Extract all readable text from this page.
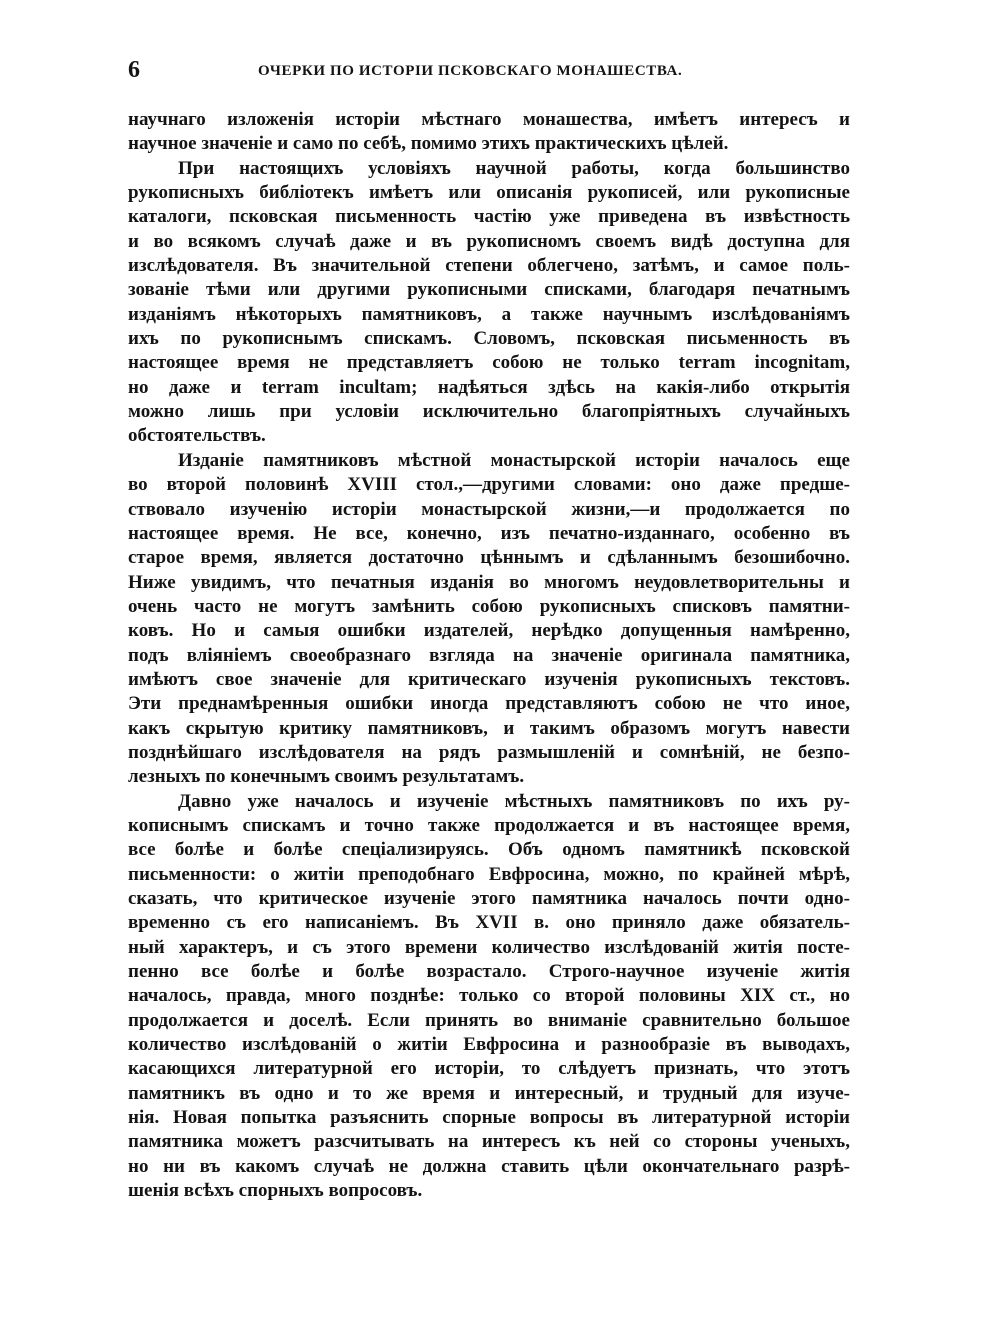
6	ОЧЕРКИ ПО ИСТОРІИ ПСКОВСКАГО МОНАШЕСТВА.

научнаго изложенія исторіи мѣстнаго монашества, имѣетъ интересъ и
научное значеніе и само по себѣ, помимо этихъ практическихъ цѣлей.

При настоящихъ условіяхъ научной работы, когда большинство
рукописныхъ библіотекъ имѣетъ или описанія рукописей, или рукописные
каталоги, псковская письменность частію уже приведена въ извѣстность
и во всякомъ случаѣ даже и въ рукописномъ своемъ видѣ доступна для
изслѣдователя. Въ значительной степени облегчено, затѣмъ, и самое поль-
зованіе тѣми или другими рукописными списками, благодаря печатнымъ
изданіямъ нѣкоторыхъ памятниковъ, а также научнымъ изслѣдованіямъ
ихъ по рукописнымъ спискамъ. Словомъ, псковская письменность въ
настоящее время не представляетъ собою не только terram incognitam,
но даже и terram incultam; надѣяться здѣсь на какія-либо открытія
можно лишь при условіи исключительно благопріятныхъ случайныхъ
обстоятельствъ.

Изданіе памятниковъ мѣстной монастырской исторіи началось еще
во второй половинѣ XVIII стол.,—другими словами: оно даже предше-
ствовало изученію исторіи монастырской жизни,—и продолжается по
настоящее время. Не все, конечно, изъ печатно-изданнаго, особенно въ
старое время, является достаточно цѣннымъ и сдѣланнымъ безошибочно.
Ниже увидимъ, что печатныя изданія во многомъ неудовлетворительны и
очень часто не могутъ замѣнить собою рукописныхъ списковъ памятни-
ковъ. Но и самыя ошибки издателей, нерѣдко допущенныя намѣренно,
подъ вліяніемъ своеобразнаго взгляда на значеніе оригинала памятника,
имѣютъ свое значеніе для критическаго изученія рукописныхъ текстовъ.
Эти преднамѣренныя ошибки иногда представляютъ собою не что иное,
какъ скрытую критику памятниковъ, и такимъ образомъ могутъ навести
позднѣйшаго изслѣдователя на рядъ размышленій и сомнѣній, не безпо-
лезныхъ по конечнымъ своимъ результатамъ.

Давно уже началось и изученіе мѣстныхъ памятниковъ по ихъ ру-
кописнымъ спискамъ и точно также продолжается и въ настоящее время,
все болѣе и болѣе спеціализируясь. Объ одномъ памятникѣ псковской
письменности: о житіи преподобнаго Евфросина, можно, по крайней мѣрѣ,
сказать, что критическое изученіе этого памятника началось почти одно-
временно съ его написаніемъ. Въ XVII в. оно приняло даже обязатель-
ный характеръ, и съ этого времени количество изслѣдованій житія посте-
пенно все болѣе и болѣе возрастало. Строго-научное изученіе житія
началось, правда, много позднѣе: только со второй половины XIX ст., но
продолжается и доселѣ. Если принять во вниманіе сравнительно большое
количество изслѣдованій о житіи Евфросина и разнообразіе въ выводахъ,
касающихся литературной его исторіи, то слѣдуетъ признать, что этотъ
памятникъ въ одно и то же время и интересный, и трудный для изуче-
нія. Новая попытка разъяснить спорные вопросы въ литературной исторіи
памятника можетъ разсчитывать на интересъ къ ней со стороны ученыхъ,
но ни въ какомъ случаѣ не должна ставить цѣли окончательнаго разрѣ-
шенія всѣхъ спорныхъ вопросовъ.
